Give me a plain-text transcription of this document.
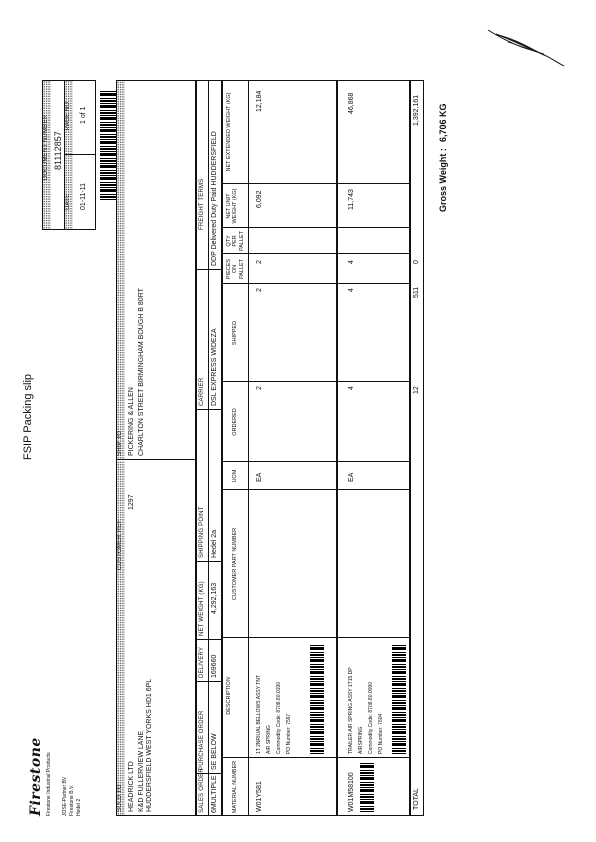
Firestone Firestone Industrial Products JOSE-Partner BV Firestone B.V. Hedel 2
FSIP Packing slip
DOCUMENT NUMBER 81112857
DATE
PAGE NO.
01-11-11
1 of 1
SOLD TO HEADRICK LTD K&D FULLERVIEW LANE HUDDERSFIELD WEST YORKS HD1 6PL
SHIP TO PICKERING & ALLEN CHARLTON STREET BIRMINGHAM BOUGH B 80RT
CUSTOMER REF
1297
SALES ORDER 6MULTIPLE
PURCHASE ORDER SE BELOW
DELIVERY 169660
NET WEIGHT (KG) 4,292,163
SHIPPING POINT Hedel 2a
CARRIER DSL EXPRESS WIDEZA
FREIGHT TERMS DDP Delivered Duty Paid HUDDERSFIELD
MATERIAL NUMBER
DESCRIPTION
CUSTOMER PART NUMBER
UOM
ORDERED
SHIPPED
PIECES ON PALLET
QTY PER PALLET
NET UNIT WEIGHT (KG)
NET EXTENDED WEIGHT (KG)
W01Y581
1T 2NRIUAL BELLOWS ASSY TNT AIR SPRING Commodity Code: 8708.80.0190 PO Number: 7597
EA
2
2
2
6,092
12,184
W01M58100
TRAILER AIR SPRING ASSY 1T15 DP AIRSPRING Commodity Code: 8708.80.0090 PO Number: 7604
EA
4
4
4
11,743
46,868
TOTAL
12
511
0
1,392,161
Gross Weight :
6,706 KG
